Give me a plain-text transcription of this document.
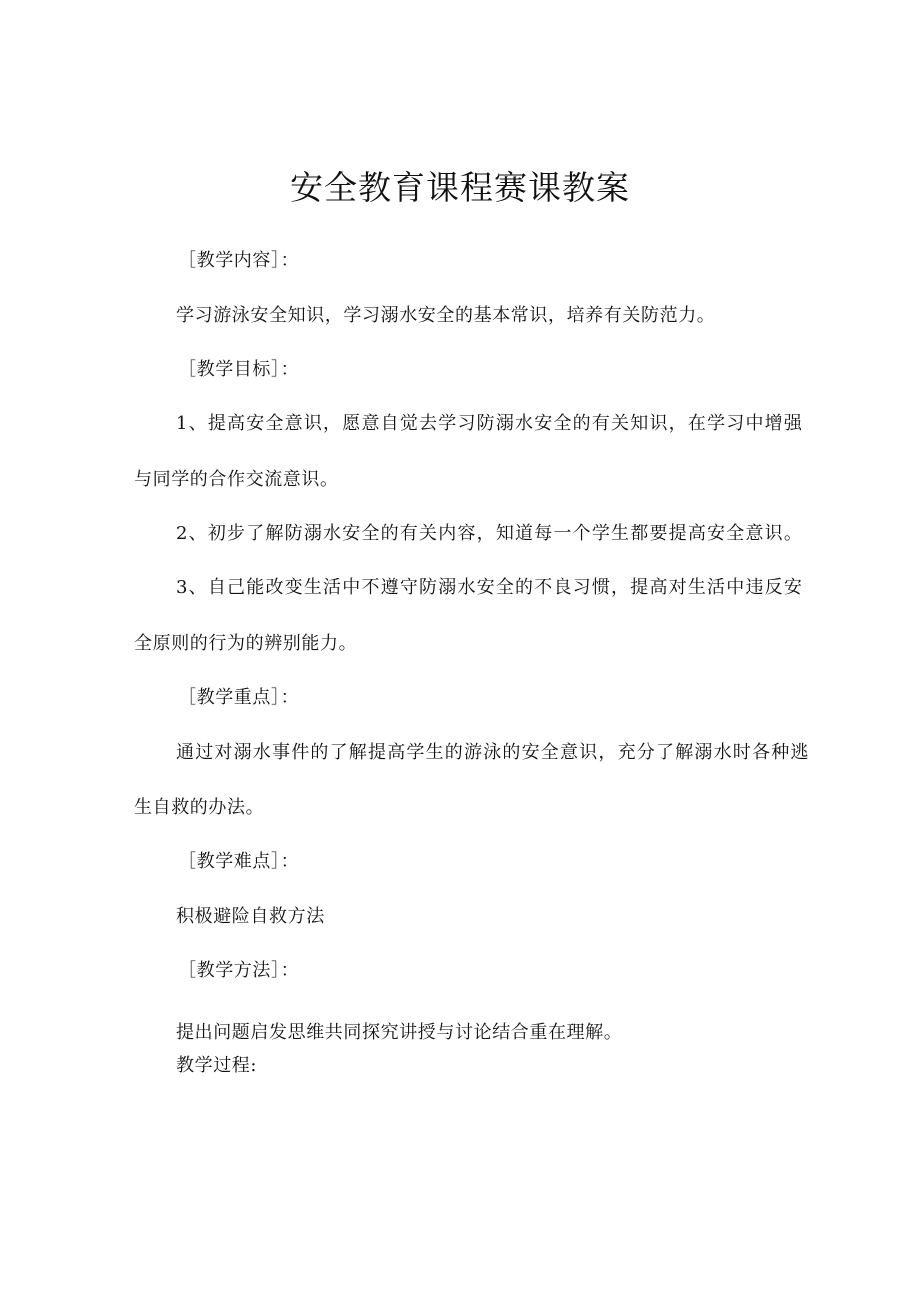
安全教育课程赛课教案
［教学内容］：
学习游泳安全知识，学习溺水安全的基本常识，培养有关防范力。
［教学目标］：
1、提高安全意识，愿意自觉去学习防溺水安全的有关知识，在学习中增强
与同学的合作交流意识。
2、初步了解防溺水安全的有关内容，知道每一个学生都要提高安全意识。
3、自己能改变生活中不遵守防溺水安全的不良习惯，提高对生活中违反安
全原则的行为的辨别能力。
［教学重点］：
通过对溺水事件的了解提高学生的游泳的安全意识，充分了解溺水时各种逃
生自救的办法。
［教学难点］：
积极避险自救方法
［教学方法］：
提出问题启发思维共同探究讲授与讨论结合重在理解。
教学过程:
